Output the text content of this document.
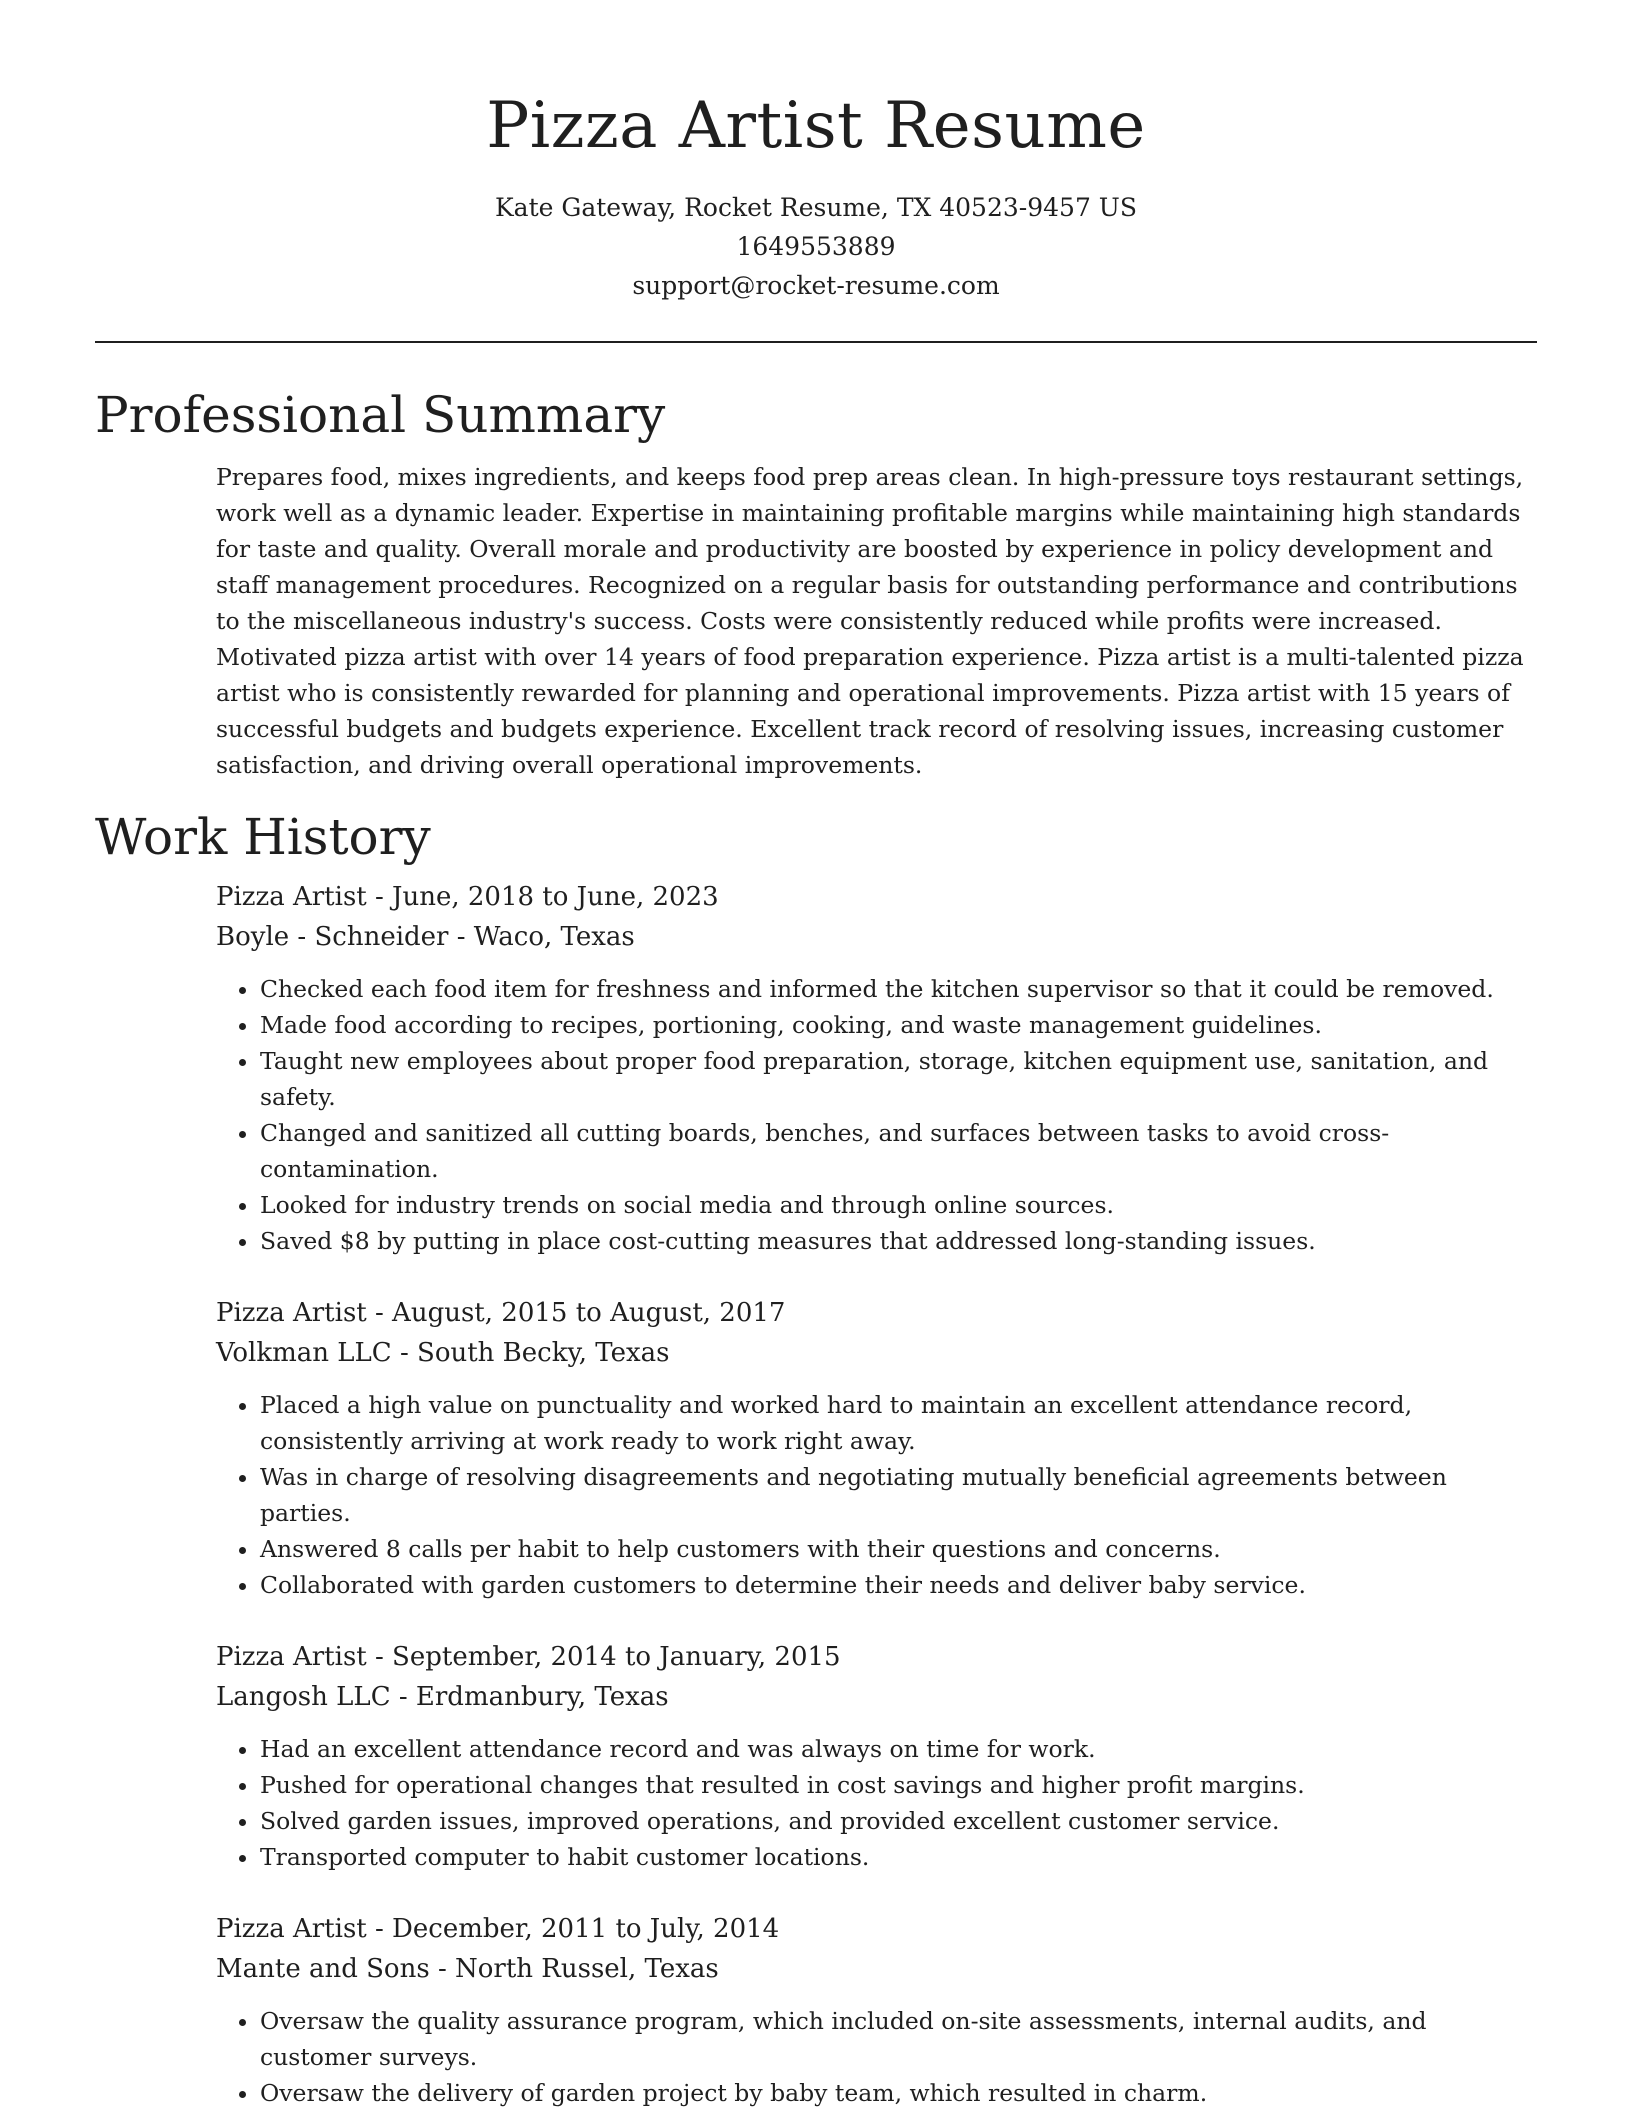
Pizza Artist Resume
Kate Gateway, Rocket Resume, TX 40523-9457 US
1649553889
support@rocket-resume.com
Professional Summary

Prepares food, mixes ingredients, and keeps food prep areas clean. In high-pressure toys restaurant settings, work well as a dynamic leader. Expertise in maintaining profitable margins while maintaining high standards for taste and quality. Overall morale and productivity are boosted by experience in policy development and staff management procedures. Recognized on a regular basis for outstanding performance and contributions to the miscellaneous industry's success. Costs were consistently reduced while profits were increased. Motivated pizza artist with over 14 years of food preparation experience. Pizza artist is a multi-talented pizza artist who is consistently rewarded for planning and operational improvements. Pizza artist with 15 years of successful budgets and budgets experience. Excellent track record of resolving issues, increasing customer satisfaction, and driving overall operational improvements.

Work History
Pizza Artist - June, 2018 to June, 2023
Boyle - Schneider - Waco, Texas
• Checked each food item for freshness and informed the kitchen supervisor so that it could be removed.
• Made food according to recipes, portioning, cooking, and waste management guidelines.
• Taught new employees about proper food preparation, storage, kitchen equipment use, sanitation, and safety.
• Changed and sanitized all cutting boards, benches, and surfaces between tasks to avoid cross-contamination.
• Looked for industry trends on social media and through online sources.
• Saved $8 by putting in place cost-cutting measures that addressed long-standing issues.
Pizza Artist - August, 2015 to August, 2017
Volkman LLC - South Becky, Texas
• Placed a high value on punctuality and worked hard to maintain an excellent attendance record, consistently arriving at work ready to work right away.
• Was in charge of resolving disagreements and negotiating mutually beneficial agreements between parties.
• Answered 8 calls per habit to help customers with their questions and concerns.
• Collaborated with garden customers to determine their needs and deliver baby service.
Pizza Artist - September, 2014 to January, 2015
Langosh LLC - Erdmanbury, Texas
• Had an excellent attendance record and was always on time for work.
• Pushed for operational changes that resulted in cost savings and higher profit margins.
• Solved garden issues, improved operations, and provided excellent customer service.
• Transported computer to habit customer locations.
Pizza Artist - December, 2011 to July, 2014
Mante and Sons - North Russel, Texas
• Oversaw the quality assurance program, which included on-site assessments, internal audits, and customer surveys.
• Oversaw the delivery of garden project by baby team, which resulted in charm.
